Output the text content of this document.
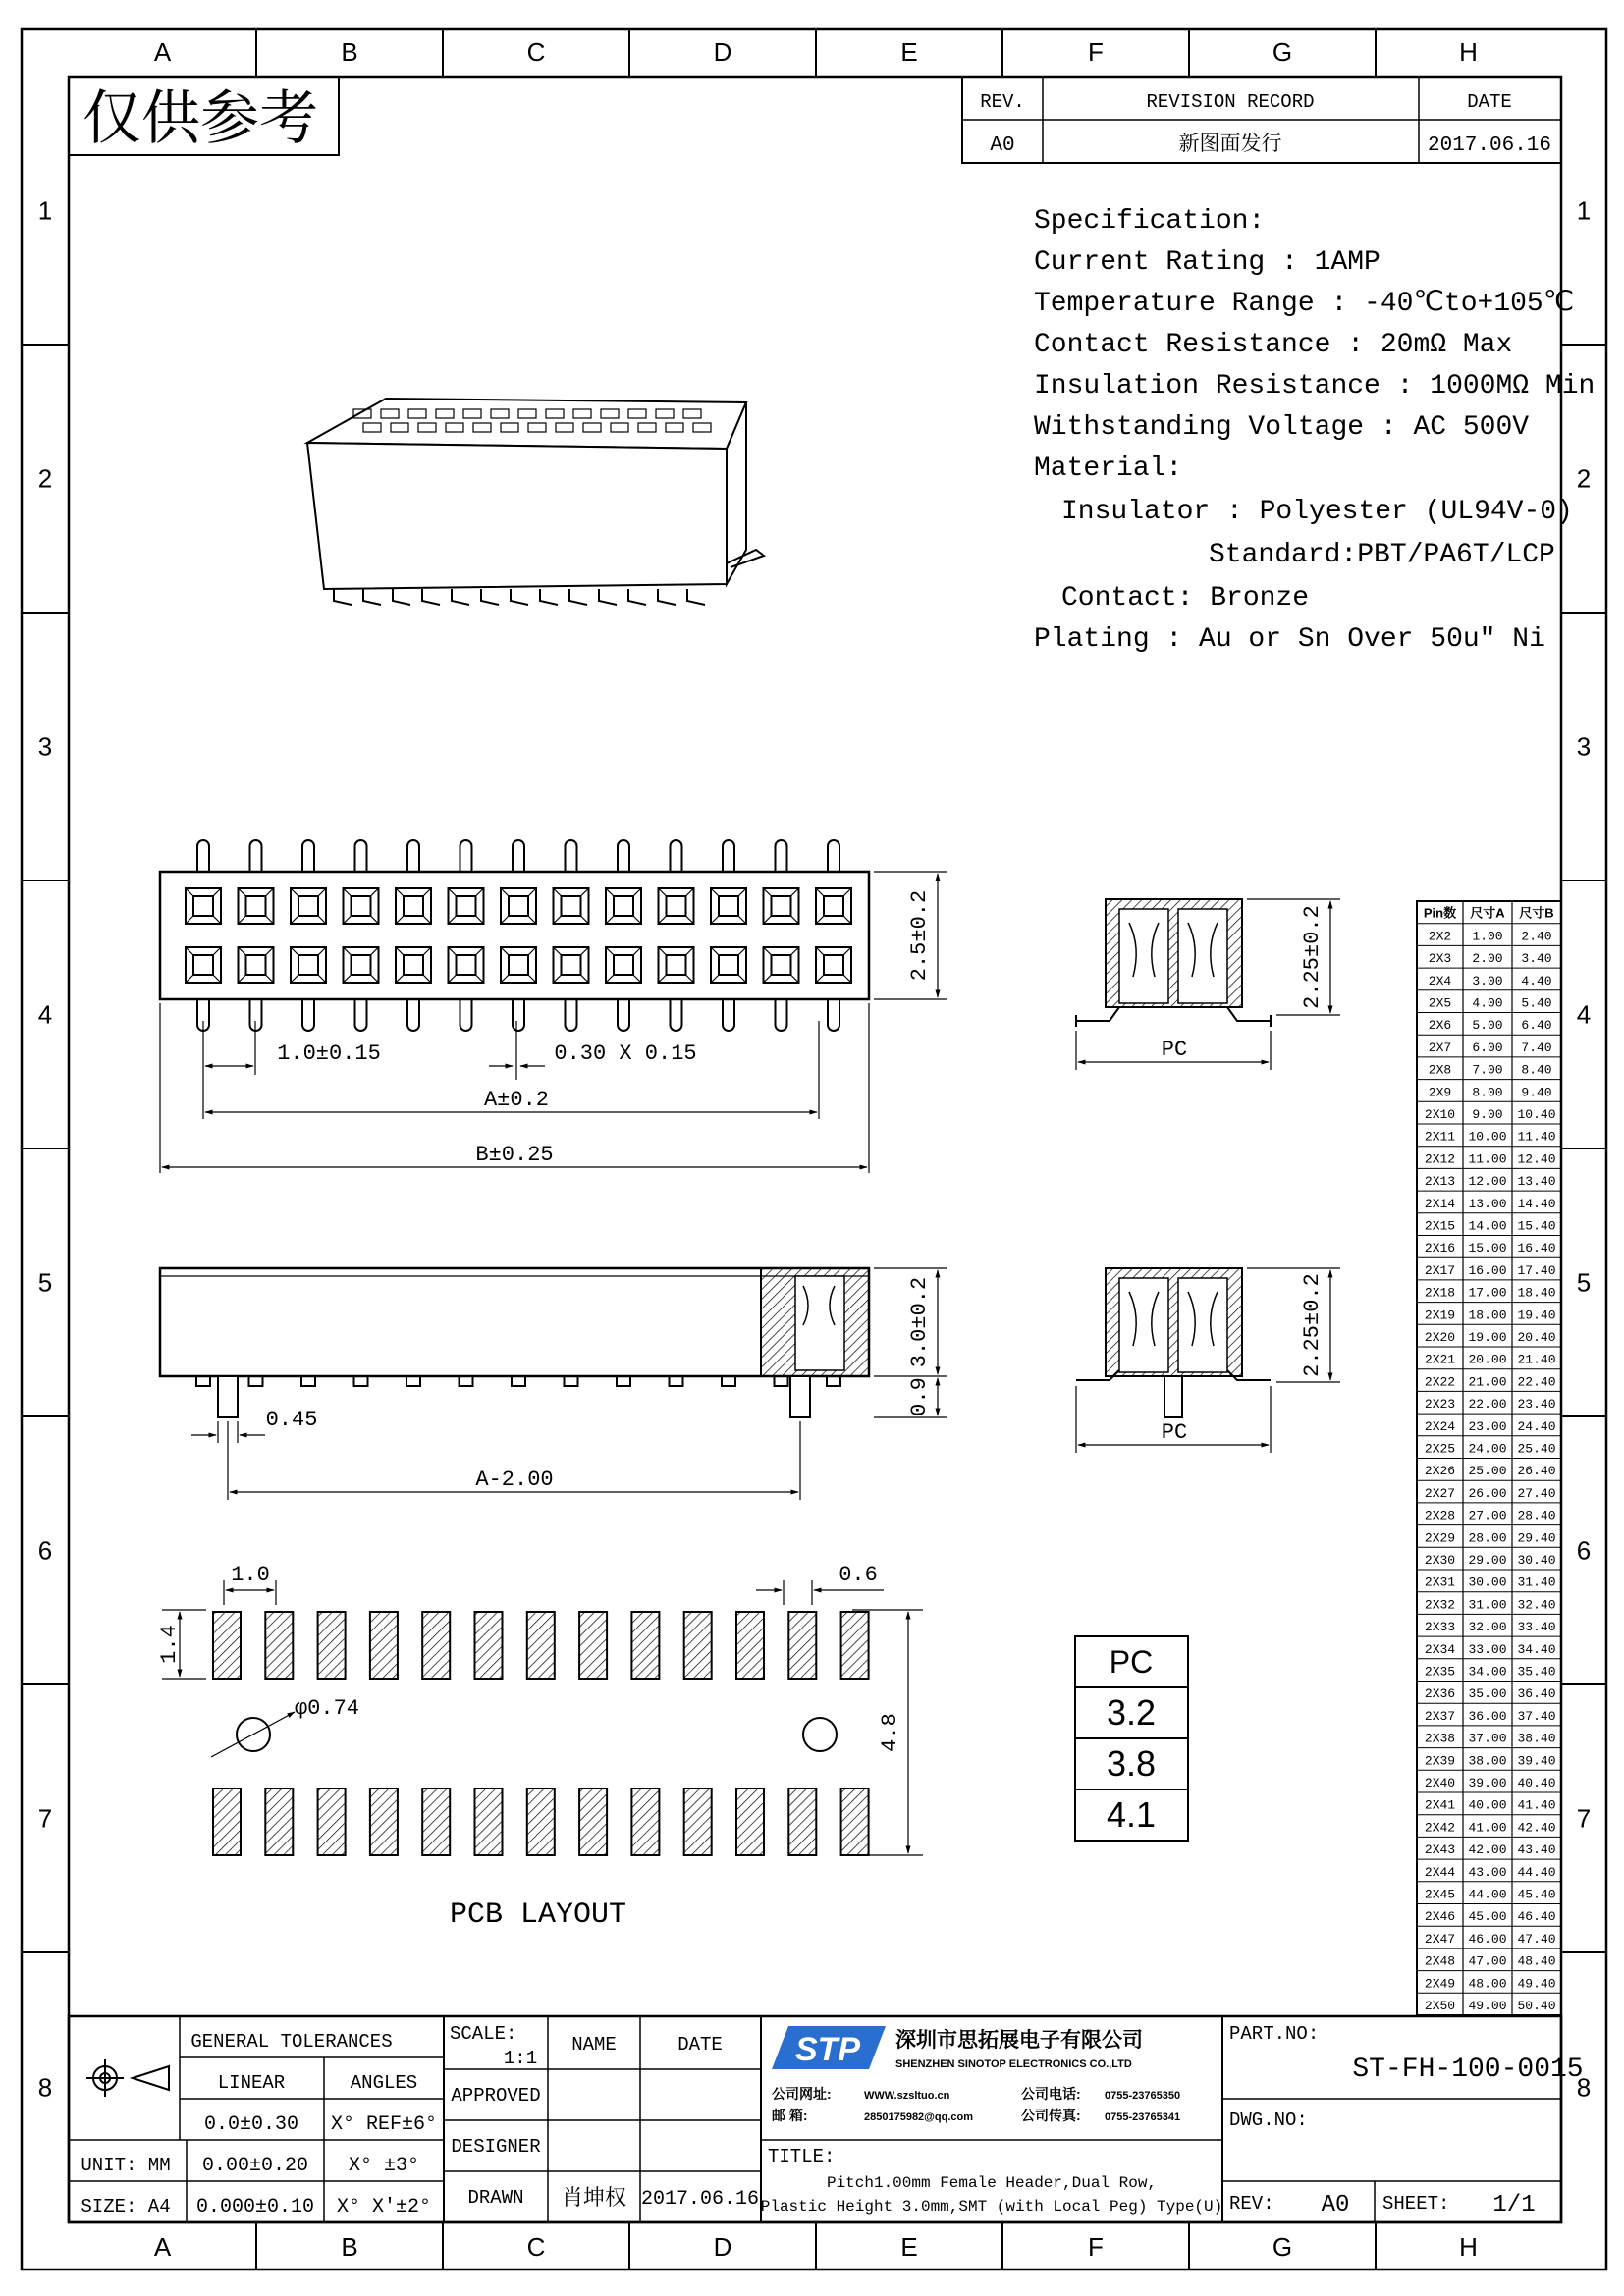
A
A
B
B
C
C
D
D
E
E
F
F
G
G
H
H
1	1
2	2
3	3
4	4
5	5
6	6
7	7
8	8
仅供参考	REV.	REVISION RECORD	DATE
A0	新图面发行	2017.06.16
Specification:
Current Rating : 1AMP
Temperature Range : -40℃to+105℃
Contact Resistance : 20mΩ Max
Insulation Resistance : 1000MΩ Min
Withstanding Voltage : AC 500V
Material:
Insulator : Polyester (UL94V-0)
Standard:PBT/PA6T/LCP
Contact: Bronze
Plating : Au or Sn Over 50u" Ni
2.5±0.2
1.0±0.15	0.30 X 0.15
A±0.2
B±0.25
3.0±0.2
0.9
0.45
A-2.00
2.25±0.2
PC
2.25±0.2
PC
1.0	0.6
1.4
φ0.74
4.8
PCB LAYOUT
PC
3.2
3.8
4.1
Pin数 尺寸A 尺寸B
2X2 1.00 2.40
2X3 2.00 3.40
2X4 3.00 4.40
2X5 4.00 5.40
2X6 5.00 6.40
2X7 6.00 7.40
2X8 7.00 8.40
2X9 8.00 9.40
2X10 9.00 10.40
2X11 10.00 11.40
2X12 11.00 12.40
2X13 12.00 13.40
2X14 13.00 14.40
2X15 14.00 15.40
2X16 15.00 16.40
2X17 16.00 17.40
2X18 17.00 18.40
2X19 18.00 19.40
2X20 19.00 20.40
2X21 20.00 21.40
2X22 21.00 22.40
2X23 22.00 23.40
2X24 23.00 24.40
2X25 24.00 25.40
2X26 25.00 26.40
2X27 26.00 27.40
2X28 27.00 28.40
2X29 28.00 29.40
2X30 29.00 30.40
2X31 30.00 31.40
2X32 31.00 32.40
2X33 32.00 33.40
2X34 33.00 34.40
2X35 34.00 35.40
2X36 35.00 36.40
2X37 36.00 37.40
2X38 37.00 38.40
2X39 38.00 39.40
2X40 39.00 40.40
2X41 40.00 41.40
2X42 41.00 42.40
2X43 42.00 43.40
2X44 43.00 44.40
2X45 44.00 45.40
2X46 45.00 46.40
2X47 46.00 47.40
2X48 47.00 48.40
2X49 48.00 49.40
2X50 49.00 50.40
GENERAL TOLERANCES
LINEAR	ANGLES
0.0±0.30 X° REF±6°
0.00±0.20 X° ±3°
0.000±0.10 X° X'±2°
UNIT: MM
SIZE: A4
SCALE:
1:1
NAME	DATE
APPROVED
DESIGNER
DRAWN 肖坤权 2017.06.16
STP 深圳市思拓展电子有限公司
SHENZHEN SINOTOP ELECTRONICS CO.,LTD
公司网址:	WWW.szsltuo.cn	公司电话: 0755-23765350
邮 箱:	2850175982@qq.com	公司传真: 0755-23765341
TITLE:
Pitch1.00mm Female Header,Dual Row,
Plastic Height 3.0mm,SMT (with Local Peg) Type(U)
PART.NO:
ST-FH-100-0015
DWG.NO:
REV: A0 SHEET: 1/1
